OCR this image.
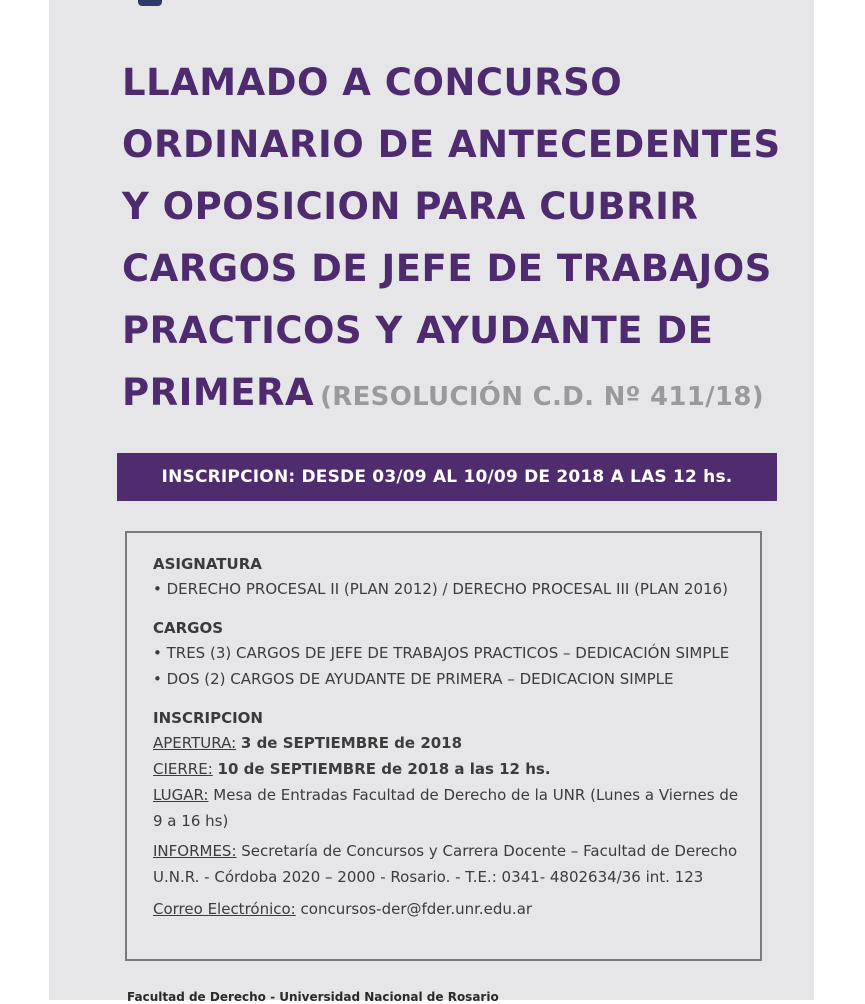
LLAMADO A CONCURSO
ORDINARIO DE ANTECEDENTES
Y OPOSICION PARA CUBRIR
CARGOS DE JEFE DE TRABAJOS
PRACTICOS Y AYUDANTE DE
PRIMERA (RESOLUCIÓN C.D. Nº 411/18)
INSCRIPCION: DESDE 03/09 AL 10/09 DE 2018 A LAS 12 hs.
ASIGNATURA
• DERECHO PROCESAL II (PLAN 2012) / DERECHO PROCESAL III (PLAN 2016)
CARGOS
• TRES (3) CARGOS DE JEFE DE TRABAJOS PRACTICOS – DEDICACIÓN SIMPLE
• DOS (2) CARGOS DE AYUDANTE DE PRIMERA – DEDICACION SIMPLE
INSCRIPCION
APERTURA: 3 de SEPTIEMBRE de 2018
CIERRE: 10 de SEPTIEMBRE de 2018 a las 12 hs.
LUGAR: Mesa de Entradas Facultad de Derecho de la UNR (Lunes a Viernes de
9 a 16 hs)
INFORMES: Secretaría de Concursos y Carrera Docente – Facultad de Derecho
U.N.R. - Córdoba 2020 – 2000 - Rosario. - T.E.: 0341- 4802634/36 int. 123
Correo Electrónico: concursos-der@fder.unr.edu.ar
Facultad de Derecho - Universidad Nacional de Rosario
